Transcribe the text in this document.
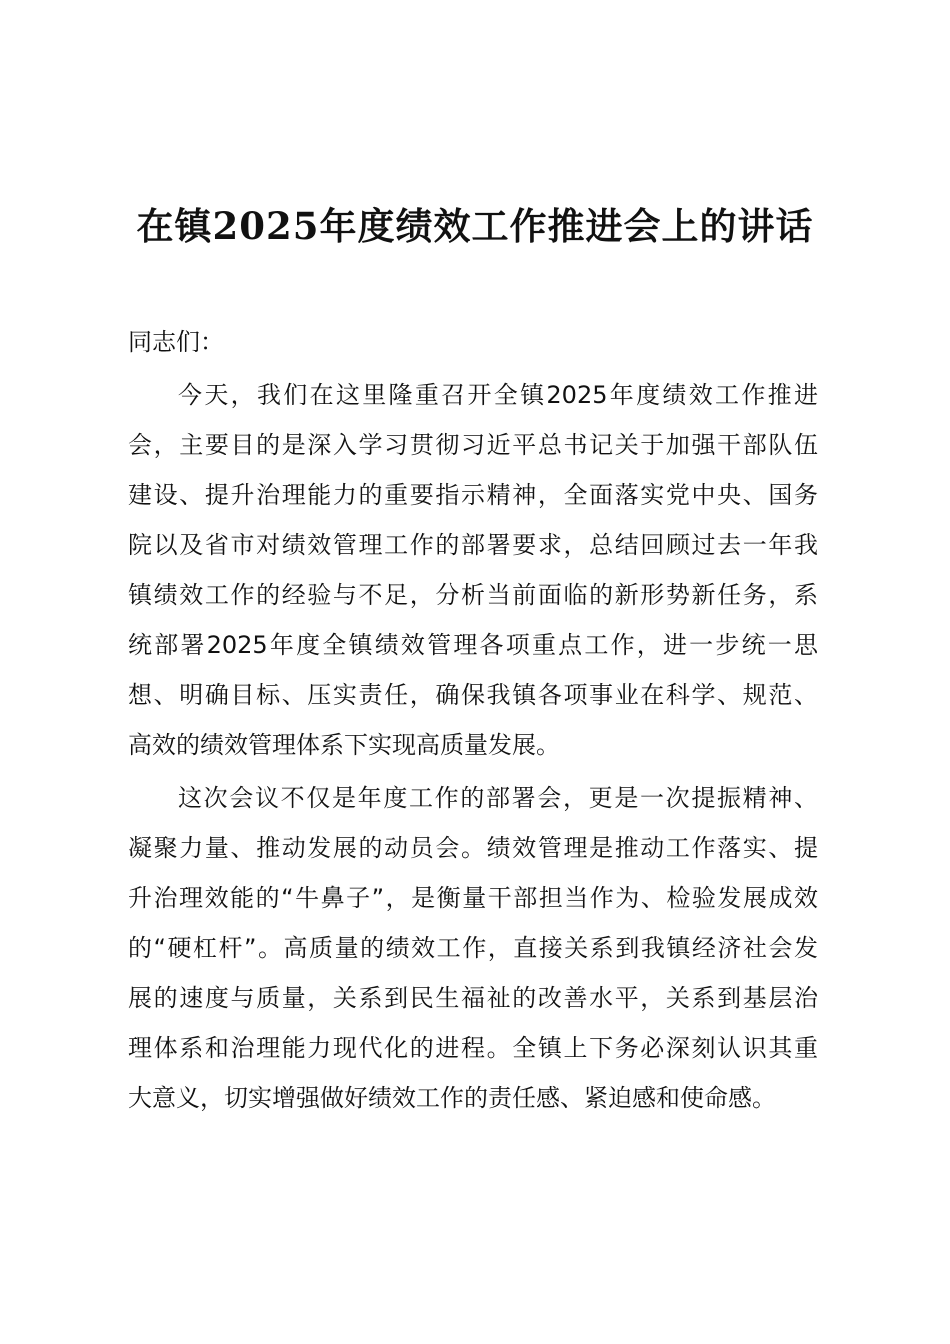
在镇2025年度绩效工作推进会上的讲话
同志们：
今天，我们在这里隆重召开全镇2025年度绩效工作推进
会，主要目的是深入学习贯彻习近平总书记关于加强干部队伍
建设、提升治理能力的重要指示精神，全面落实党中央、国务
院以及省市对绩效管理工作的部署要求，总结回顾过去一年我
镇绩效工作的经验与不足，分析当前面临的新形势新任务，系
统部署2025年度全镇绩效管理各项重点工作，进一步统一思
想、明确目标、压实责任，确保我镇各项事业在科学、规范、
高效的绩效管理体系下实现高质量发展。
这次会议不仅是年度工作的部署会，更是一次提振精神、
凝聚力量、推动发展的动员会。绩效管理是推动工作落实、提
升治理效能的“牛鼻子”，是衡量干部担当作为、检验发展成效
的“硬杠杆”。高质量的绩效工作，直接关系到我镇经济社会发
展的速度与质量，关系到民生福祉的改善水平，关系到基层治
理体系和治理能力现代化的进程。全镇上下务必深刻认识其重
大意义，切实增强做好绩效工作的责任感、紧迫感和使命感。
